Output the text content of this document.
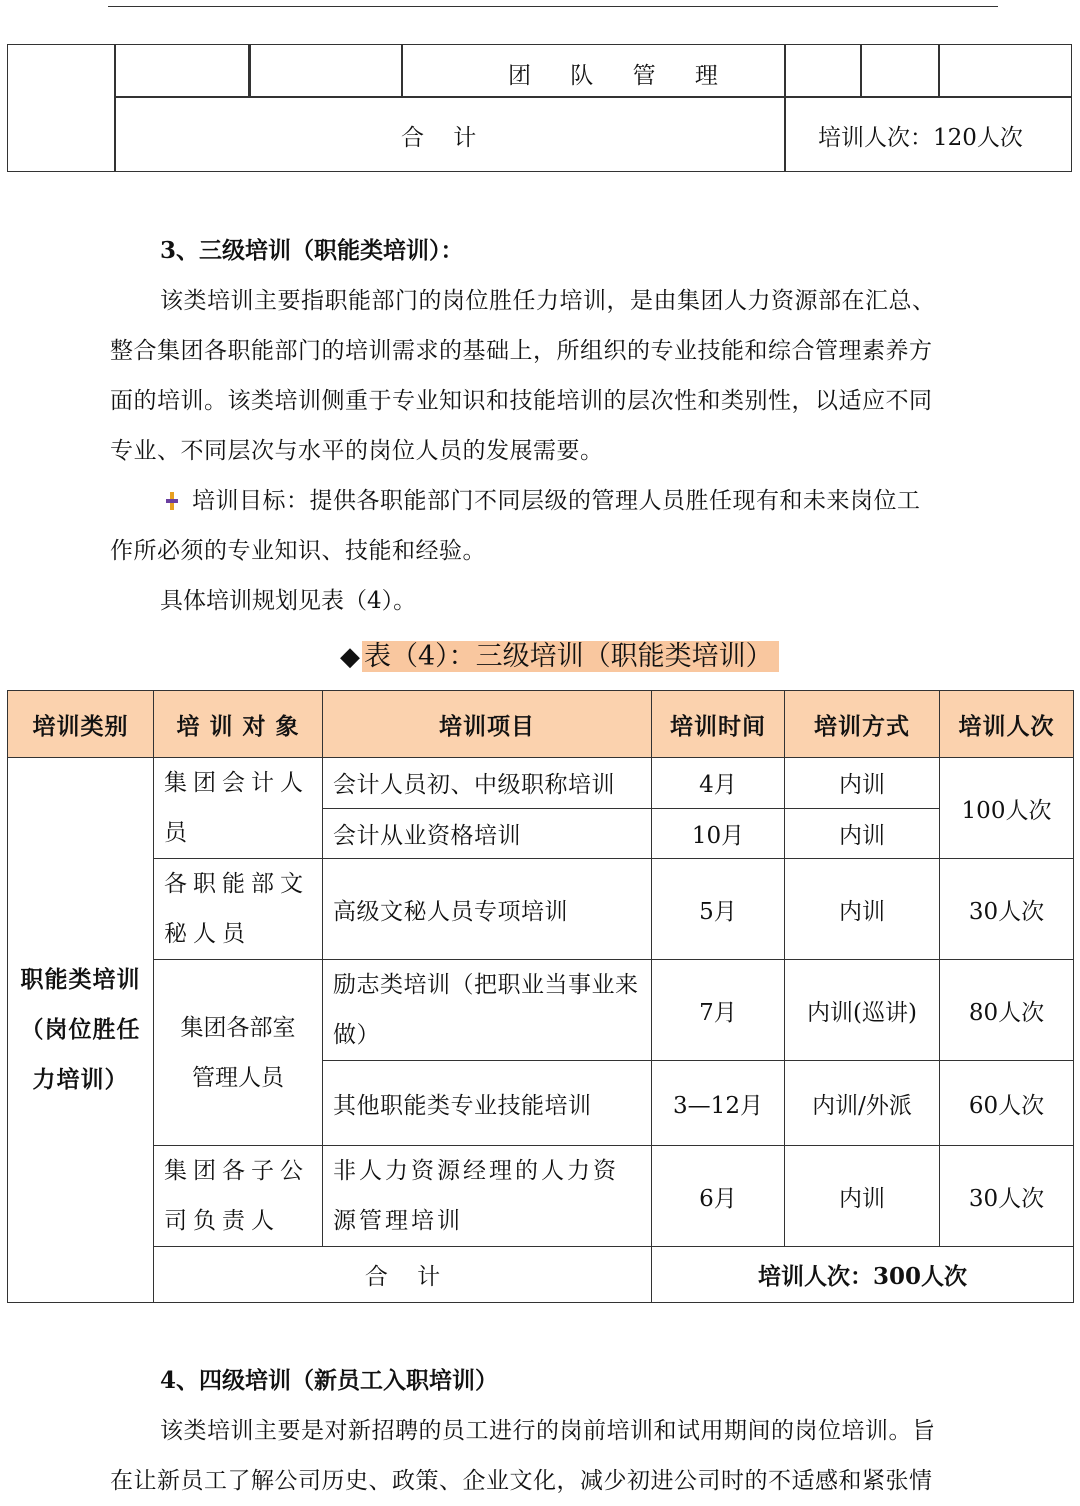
团 队 管 理
合    计	培训人次：120人次

3、三级培训（职能类培训）：

该类培训主要指职能部门的岗位胜任力培训，是由集团人力资源部在汇总、

整合集团各职能部门的培训需求的基础上，所组织的专业技能和综合管理素养方

面的培训。该类培训侧重于专业知识和技能培训的层次性和类别性，以适应不同

专业、不同层次与水平的岗位人员的发展需要。

培训目标：提供各职能部门不同层级的管理人员胜任现有和未来岗位工

作所必须的专业知识、技能和经验。

具体培训规划见表（4）。

◆ 表（4）：三级培训（职能类培训）
培训类别	培 训 对 象	培训项目	培训时间	培训方式	培训人次
职能类培训（岗位胜任力培训）	集团会计人员	会计人员初、中级职称培训	4月	内训	100人次
		会计从业资格培训	10月	内训	
	各职能部文秘人员	高级文秘人员专项培训	5月	内训	30人次
	集团各部室管理人员	励志类培训（把职业当事业来做）	7月	内训(巡讲)	80人次
		其他职能类专业技能培训	3—12月	内训/外派	60人次
	集团各子公司负责人	非人力资源经理的人力资源管理培训	6月	内训	30人次
	合    计		培训人次：300人次		

4、四级培训（新员工入职培训）

该类培训主要是对新招聘的员工进行的岗前培训和试用期间的岗位培训。旨

在让新员工了解公司历史、政策、企业文化，减少初进公司时的不适感和紧张情
